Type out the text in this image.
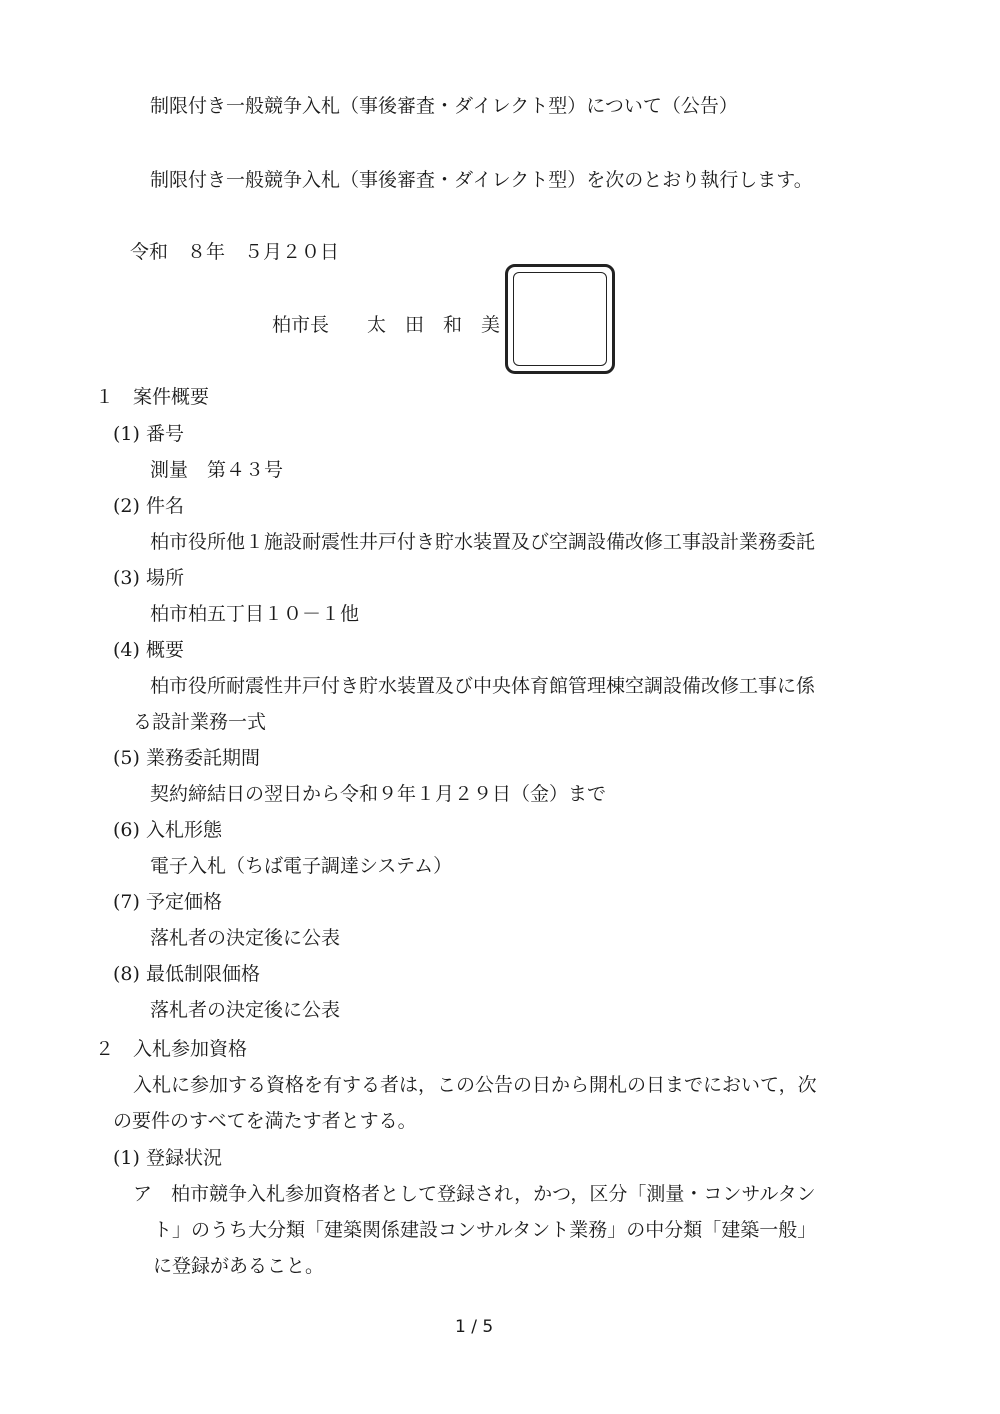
制限付き一般競争入札（事後審査・ダイレクト型）について（公告）

制限付き一般競争入札（事後審査・ダイレクト型）を次のとおり執行します。

令和　８年　５月２０日

柏市長　　太　田　和　美

１　案件概要

(1) 番号

測量　第４３号

(2) 件名

柏市役所他１施設耐震性井戸付き貯水装置及び空調設備改修工事設計業務委託

(3) 場所

柏市柏五丁目１０－１他

(4) 概要

柏市役所耐震性井戸付き貯水装置及び中央体育館管理棟空調設備改修工事に係

る設計業務一式

(5) 業務委託期間

契約締結日の翌日から令和９年１月２９日（金）まで

(6) 入札形態

電子入札（ちば電子調達システム）

(7) 予定価格

落札者の決定後に公表

(8) 最低制限価格

落札者の決定後に公表

２　入札参加資格

入札に参加する資格を有する者は，この公告の日から開札の日までにおいて，次

の要件のすべてを満たす者とする。

(1) 登録状況

ア　柏市競争入札参加資格者として登録され，かつ，区分「測量・コンサルタン

ト」のうち大分類「建築関係建設コンサルタント業務」の中分類「建築一般」

に登録があること。

1 / 5
